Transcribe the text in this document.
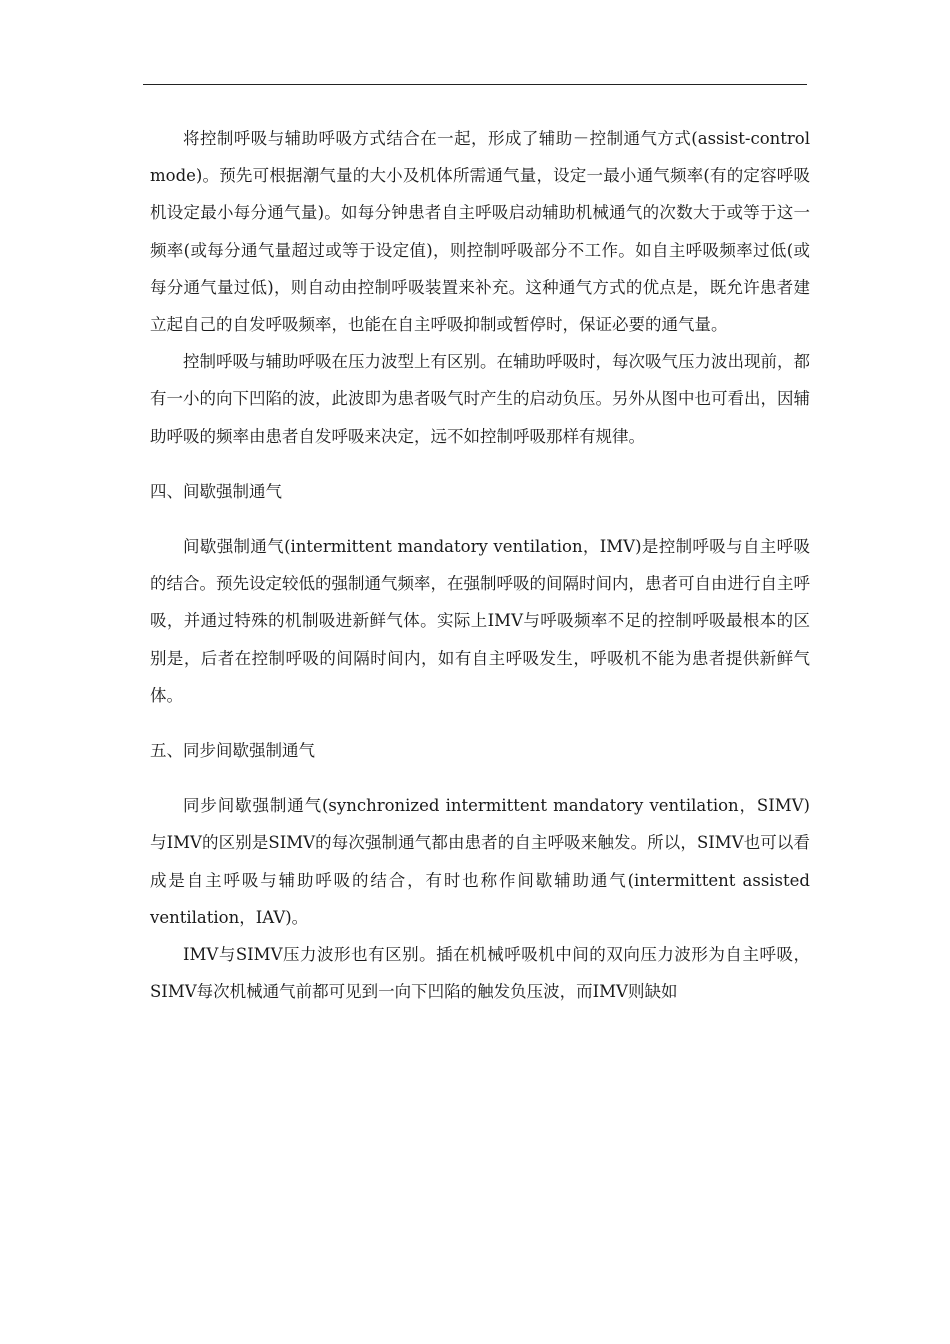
将控制呼吸与辅助呼吸方式结合在一起，形成了辅助－控制通气方式(assist-control mode)。预先可根据潮气量的大小及机体所需通气量，设定一最小通气频率(有的定容呼吸机设定最小每分通气量)。如每分钟患者自主呼吸启动辅助机械通气的次数大于或等于这一频率(或每分通气量超过或等于设定值)，则控制呼吸部分不工作。如自主呼吸频率过低(或每分通气量过低)，则自动由控制呼吸装置来补充。这种通气方式的优点是，既允许患者建立起自己的自发呼吸频率，也能在自主呼吸抑制或暂停时，保证必要的通气量。

控制呼吸与辅助呼吸在压力波型上有区别。在辅助呼吸时，每次吸气压力波出现前，都有一小的向下凹陷的波，此波即为患者吸气时产生的启动负压。另外从图中也可看出，因辅助呼吸的频率由患者自发呼吸来决定，远不如控制呼吸那样有规律。

四、间歇强制通气

间歇强制通气(intermittent mandatory ventilation，IMV)是控制呼吸与自主呼吸的结合。预先设定较低的强制通气频率，在强制呼吸的间隔时间内，患者可自由进行自主呼吸，并通过特殊的机制吸进新鲜气体。实际上IMV与呼吸频率不足的控制呼吸最根本的区别是，后者在控制呼吸的间隔时间内，如有自主呼吸发生，呼吸机不能为患者提供新鲜气体。

五、同步间歇强制通气

同步间歇强制通气(synchronized intermittent mandatory ventilation，SIMV)与IMV的区别是SIMV的每次强制通气都由患者的自主呼吸来触发。所以，SIMV也可以看成是自主呼吸与辅助呼吸的结合，有时也称作间歇辅助通气(intermittent assisted ventilation，IAV)。

IMV与SIMV压力波形也有区别。插在机械呼吸机中间的双向压力波形为自主呼吸，SIMV每次机械通气前都可见到一向下凹陷的触发负压波，而IMV则缺如
